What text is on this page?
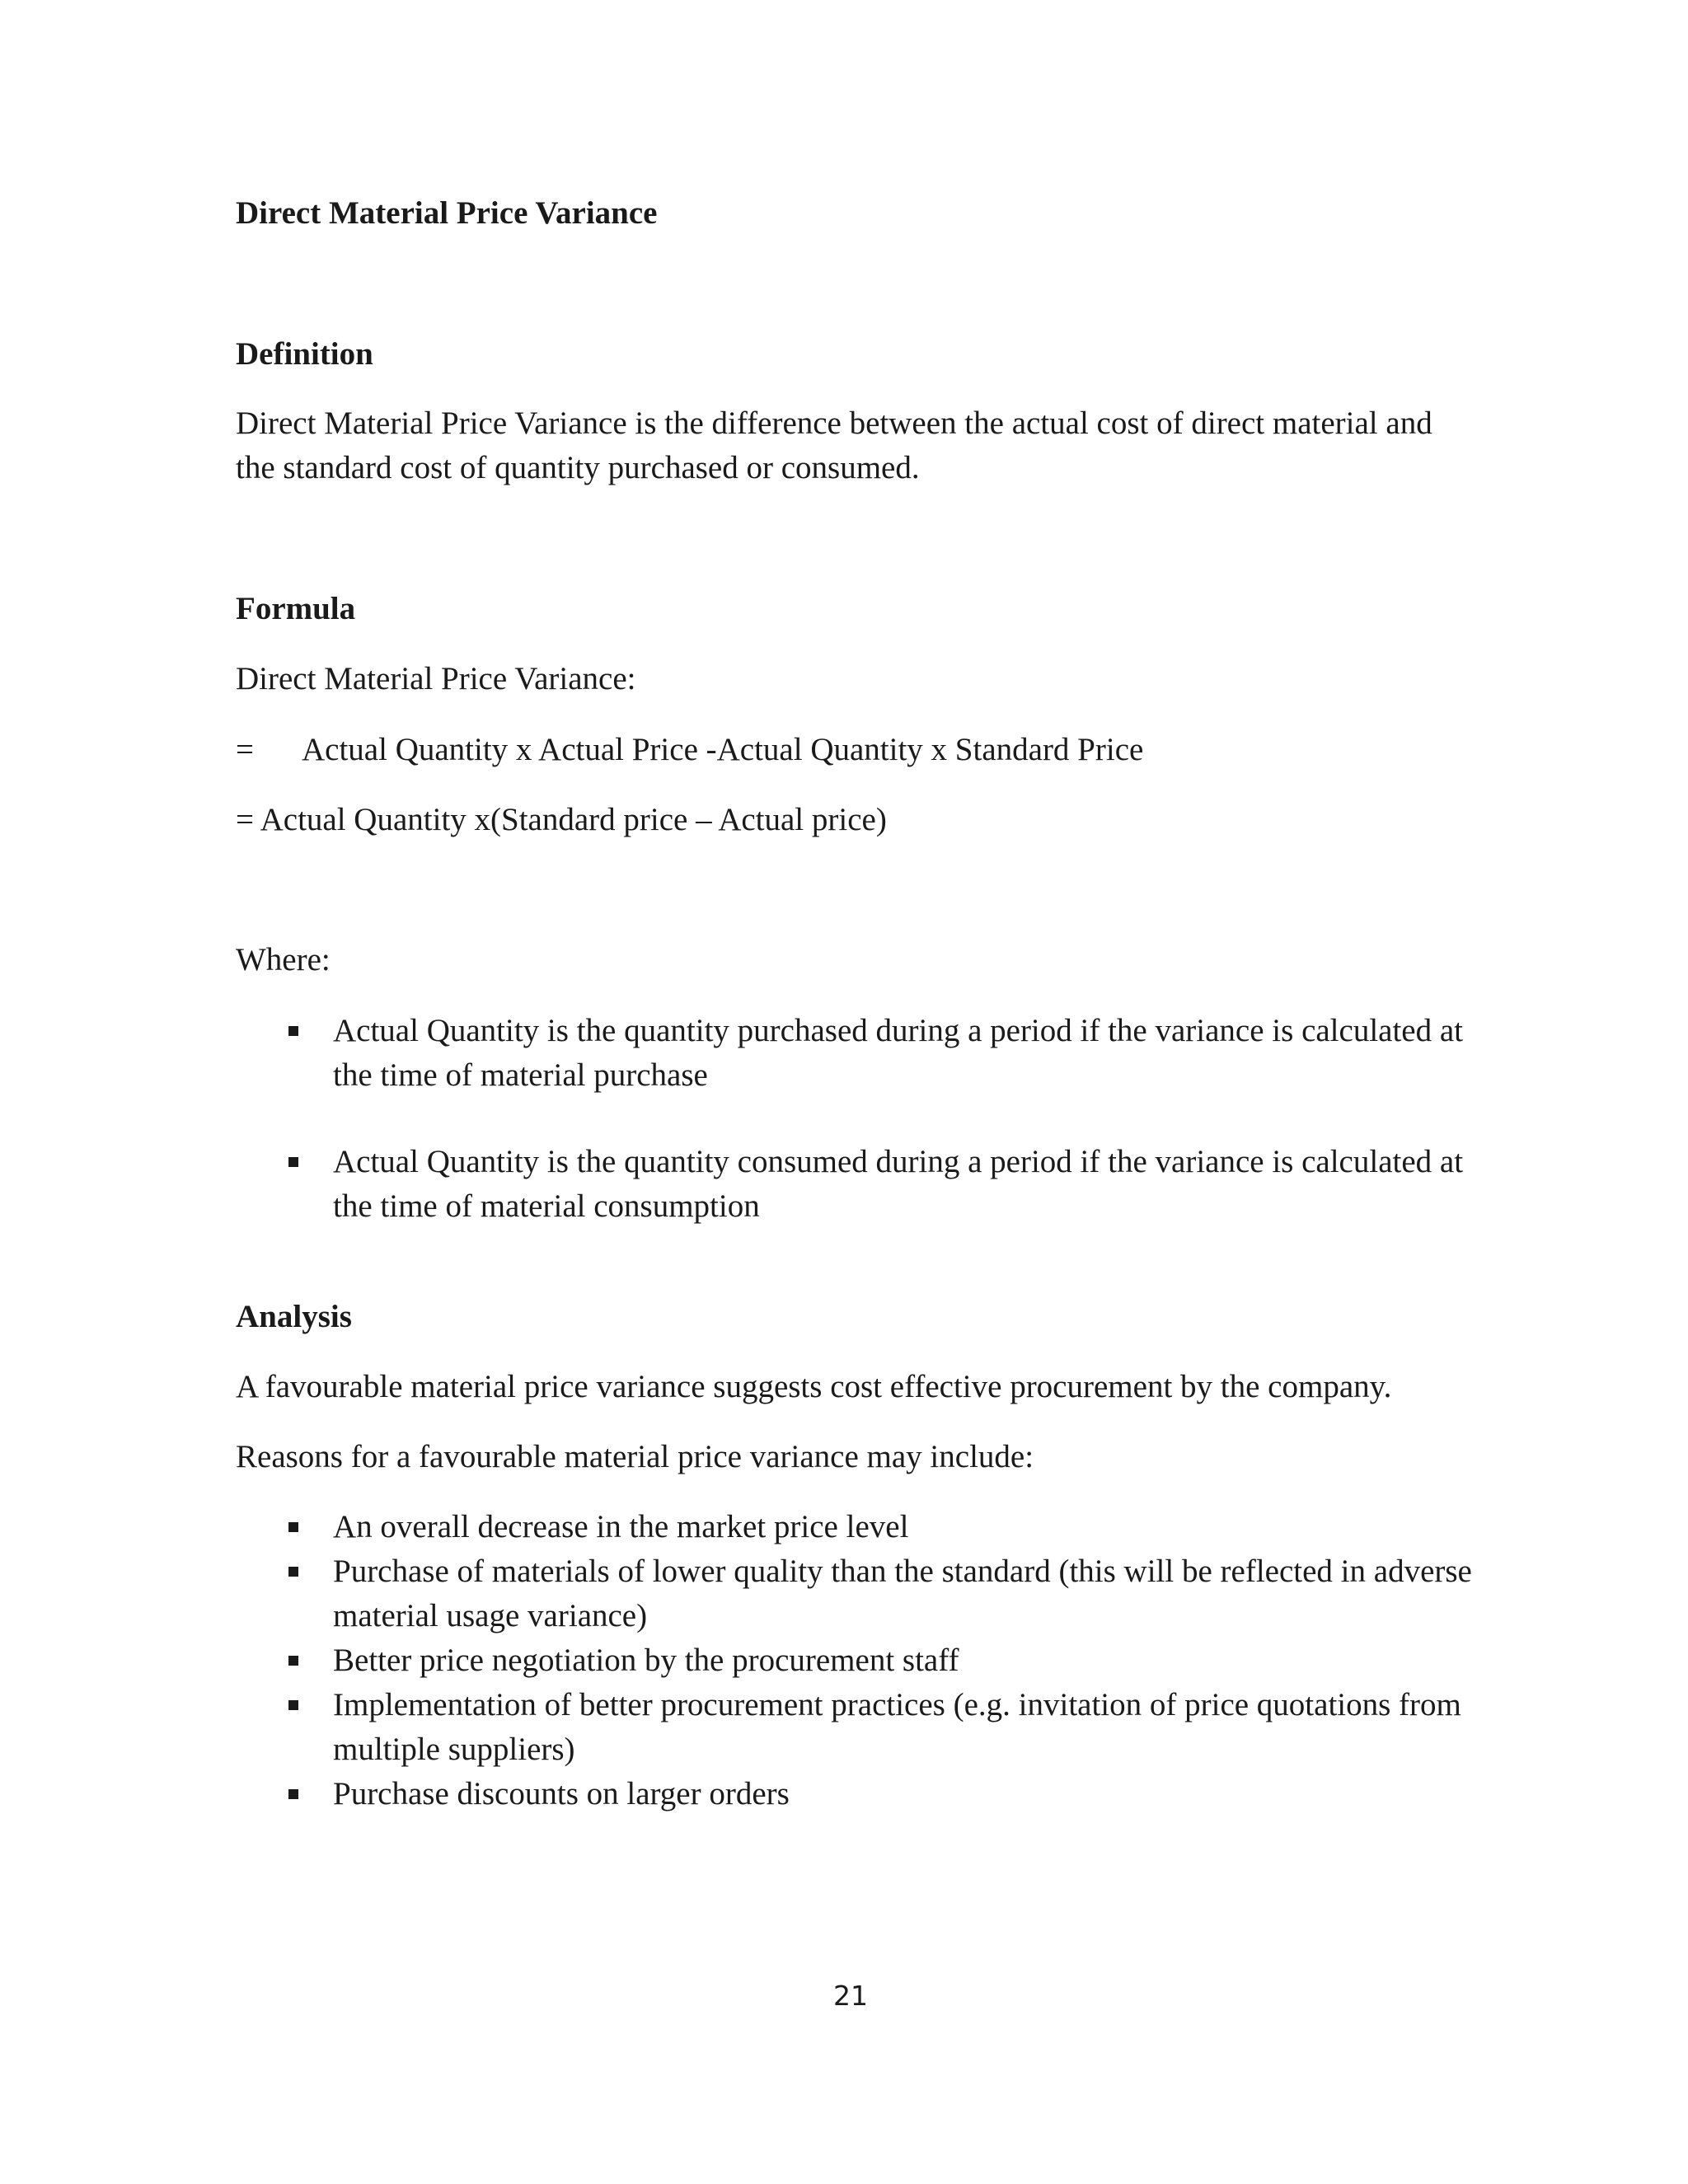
Direct Material Price Variance
Definition

Direct Material Price Variance is the difference between the actual cost of direct material and the standard cost of quantity purchased or consumed.

Formula

Direct Material Price Variance:

= Actual Quantity x Actual Price -Actual Quantity x Standard Price

= Actual Quantity x(Standard price – Actual price)

Where:

Actual Quantity is the quantity purchased during a period if the variance is calculated at the time of material purchase
Actual Quantity is the quantity consumed during a period if the variance is calculated at the time of material consumption
Analysis

A favourable material price variance suggests cost effective procurement by the company.

Reasons for a favourable material price variance may include:

An overall decrease in the market price level
Purchase of materials of lower quality than the standard (this will be reflected in adverse material usage variance)
Better price negotiation by the procurement staff
Implementation of better procurement practices (e.g. invitation of price quotations from multiple suppliers)
Purchase discounts on larger orders
21
